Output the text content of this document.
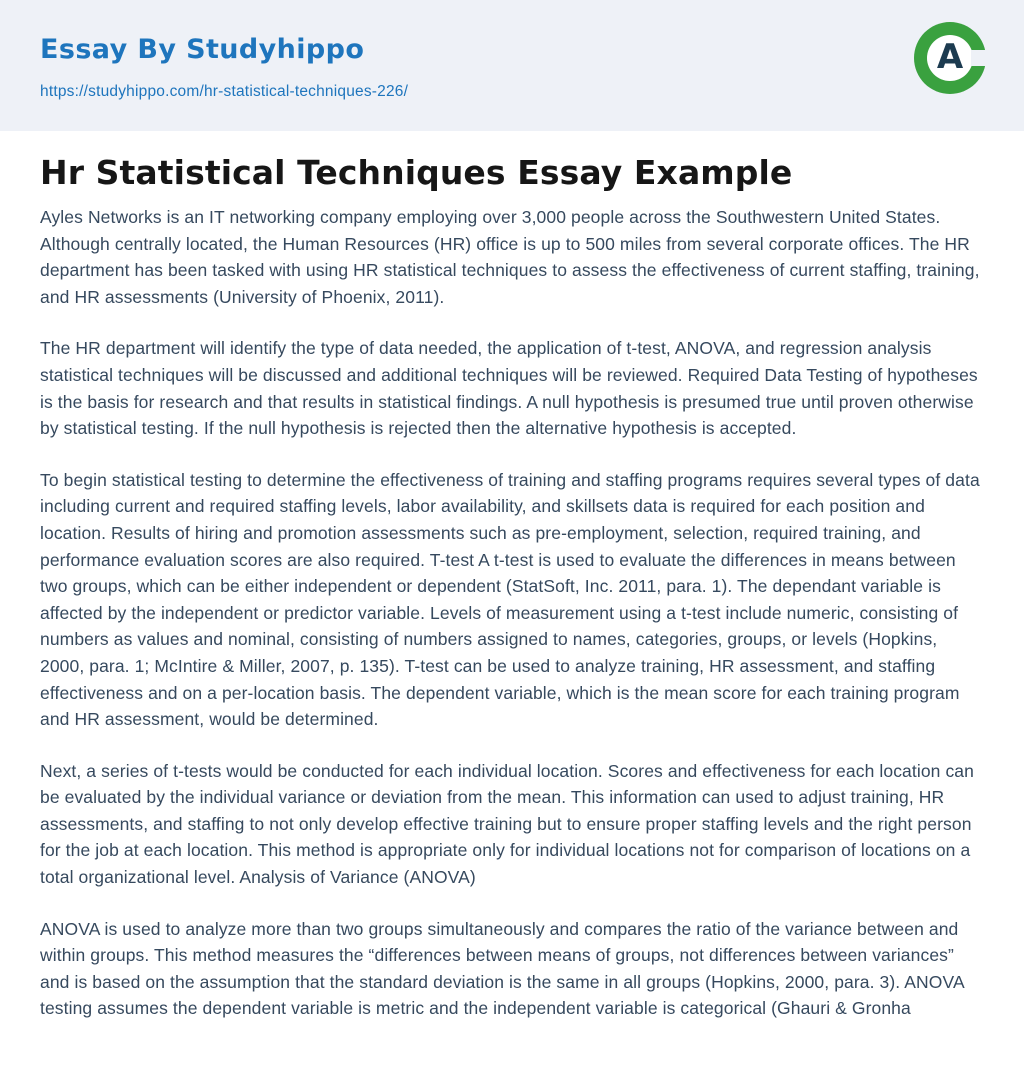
Essay By Studyhippo
https://studyhippo.com/hr-statistical-techniques-226/
A
Hr Statistical Techniques Essay Example

Ayles Networks is an IT networking company employing over 3,000 people across the Southwestern United States. Although centrally located, the Human Resources (HR) office is up to 500 miles from several corporate offices. The HR department has been tasked with using HR statistical techniques to assess the effectiveness of current staffing, training, and HR assessments (University of Phoenix, 2011).

The HR department will identify the type of data needed, the application of t-test, ANOVA, and regression analysis statistical techniques will be discussed and additional techniques will be reviewed. Required Data Testing of hypotheses is the basis for research and that results in statistical findings. A null hypothesis is presumed true until proven otherwise by statistical testing. If the null hypothesis is rejected then the alternative hypothesis is accepted.

To begin statistical testing to determine the effectiveness of training and staffing programs requires several types of data including current and required staffing levels, labor availability, and skillsets data is required for each position and location. Results of hiring and promotion assessments such as pre-employment, selection, required training, and performance evaluation scores are also required. T-test A t-test is used to evaluate the differences in means between two groups, which can be either independent or dependent (StatSoft, Inc. 2011, para. 1). The dependant variable is affected by the independent or predictor variable. Levels of measurement using a t-test include numeric, consisting of numbers as values and nominal, consisting of numbers assigned to names, categories, groups, or levels (Hopkins, 2000, para. 1; McIntire & Miller, 2007, p. 135). T-test can be used to analyze training, HR assessment, and staffing effectiveness and on a per-location basis. The dependent variable, which is the mean score for each training program and HR assessment, would be determined.

Next, a series of t-tests would be conducted for each individual location. Scores and effectiveness for each location can be evaluated by the individual variance or deviation from the mean. This information can used to adjust training, HR assessments, and staffing to not only develop effective training but to ensure proper staffing levels and the right person for the job at each location. This method is appropriate only for individual locations not for comparison of locations on a total organizational level. Analysis of Variance (ANOVA)

ANOVA is used to analyze more than two groups simultaneously and compares the ratio of the variance between and within groups. This method measures the “differences between means of groups, not differences between variances” and is based on the assumption that the standard deviation is the same in all groups (Hopkins, 2000, para. 3). ANOVA testing assumes the dependent variable is metric and the independent variable is categorical (Ghauri & Gronha
